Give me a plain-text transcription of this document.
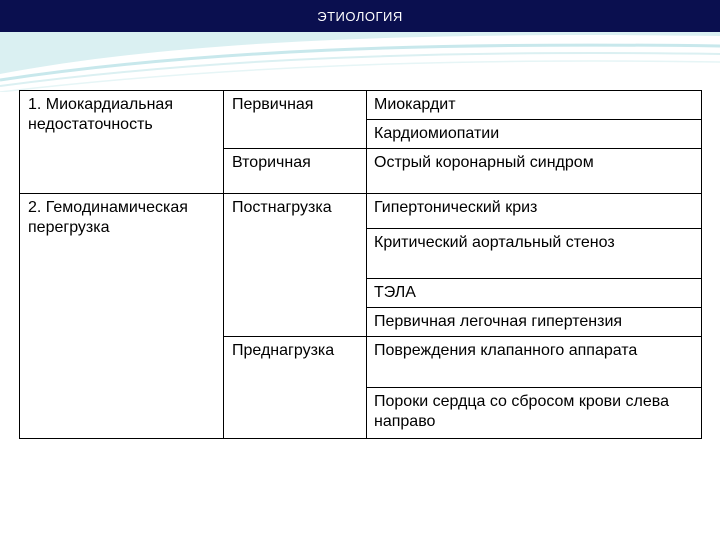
ЭТИОЛОГИЯ
1. Миокардиальная недостаточность	Первичная	Миокардит
		Кардиомиопатии

	Вторичная	Острый коронарный синдром

2. Гемодинамическая перегрузка	Постнагрузка	Гипертонический криз
		Критический аортальный стеноз
		ТЭЛА
		Первичная легочная гипертензия

	Преднагрузка	Повреждения клапанного аппарата
		Пороки сердца со сбросом крови слева направо
